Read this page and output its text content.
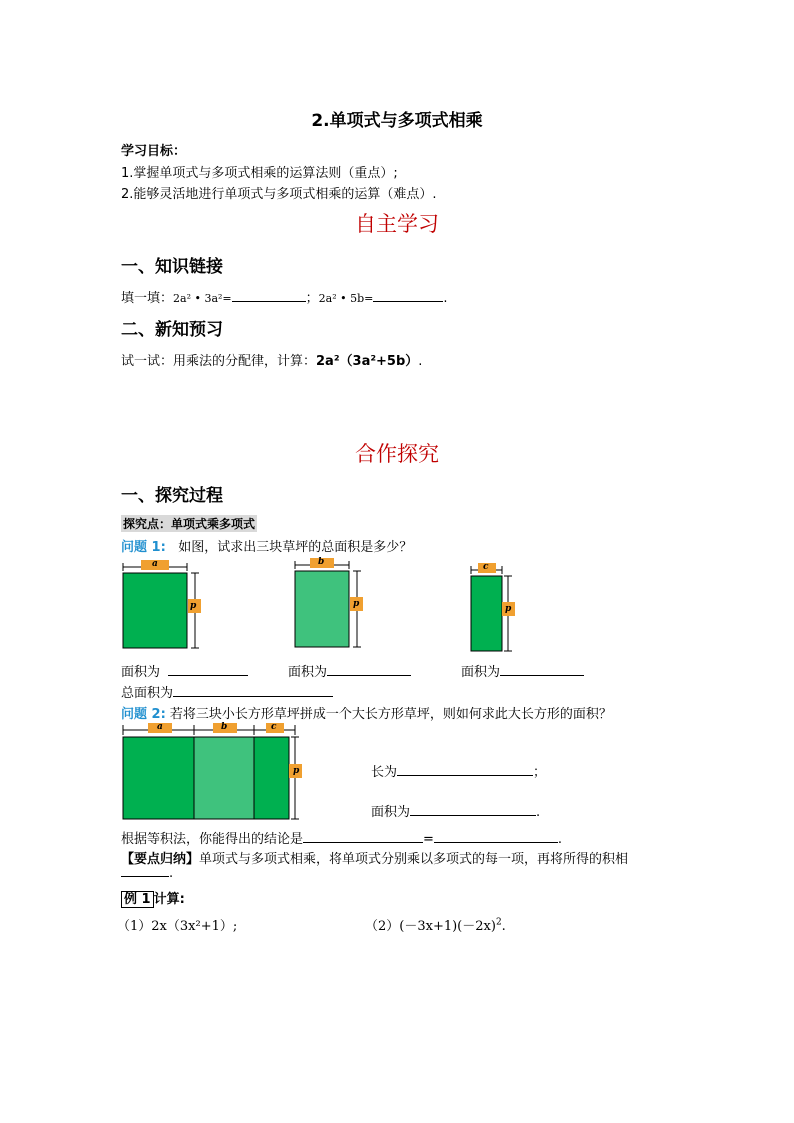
2.单项式与多项式相乘
学习目标：
1.掌握单项式与多项式相乘的运算法则（重点）;
2.能够灵活地进行单项式与多项式相乘的运算（难点）.
自主学习
一、知识链接
填一填：2a² • 3a²=	；2a² • 5b=	.
二、新知预习
试一试：用乘法的分配律，计算：2a²（3a²+5b）.
合作探究
一、探究过程
探究点：单项式乘多项式
问题 1: 如图，试求出三块草坪的总面积是多少？
a
p
b
p
c
p
面积为	面积为	面积为
总面积为
问题 2: 若将三块小长方形草坪拼成一个大长方形草坪，则如何求此大长方形的面积？
a	b	c
p	长为	；
面积为	.
根据等积法，你能得出的结论是	=	.
【要点归纳】单项式与多项式相乘，将单项式分别乘以多项式的每一项，再将所得的积相
.
例 1 计算:
（1）2x（3x²+1）;	$(2)(-3x+1)(-2x)^2$.
